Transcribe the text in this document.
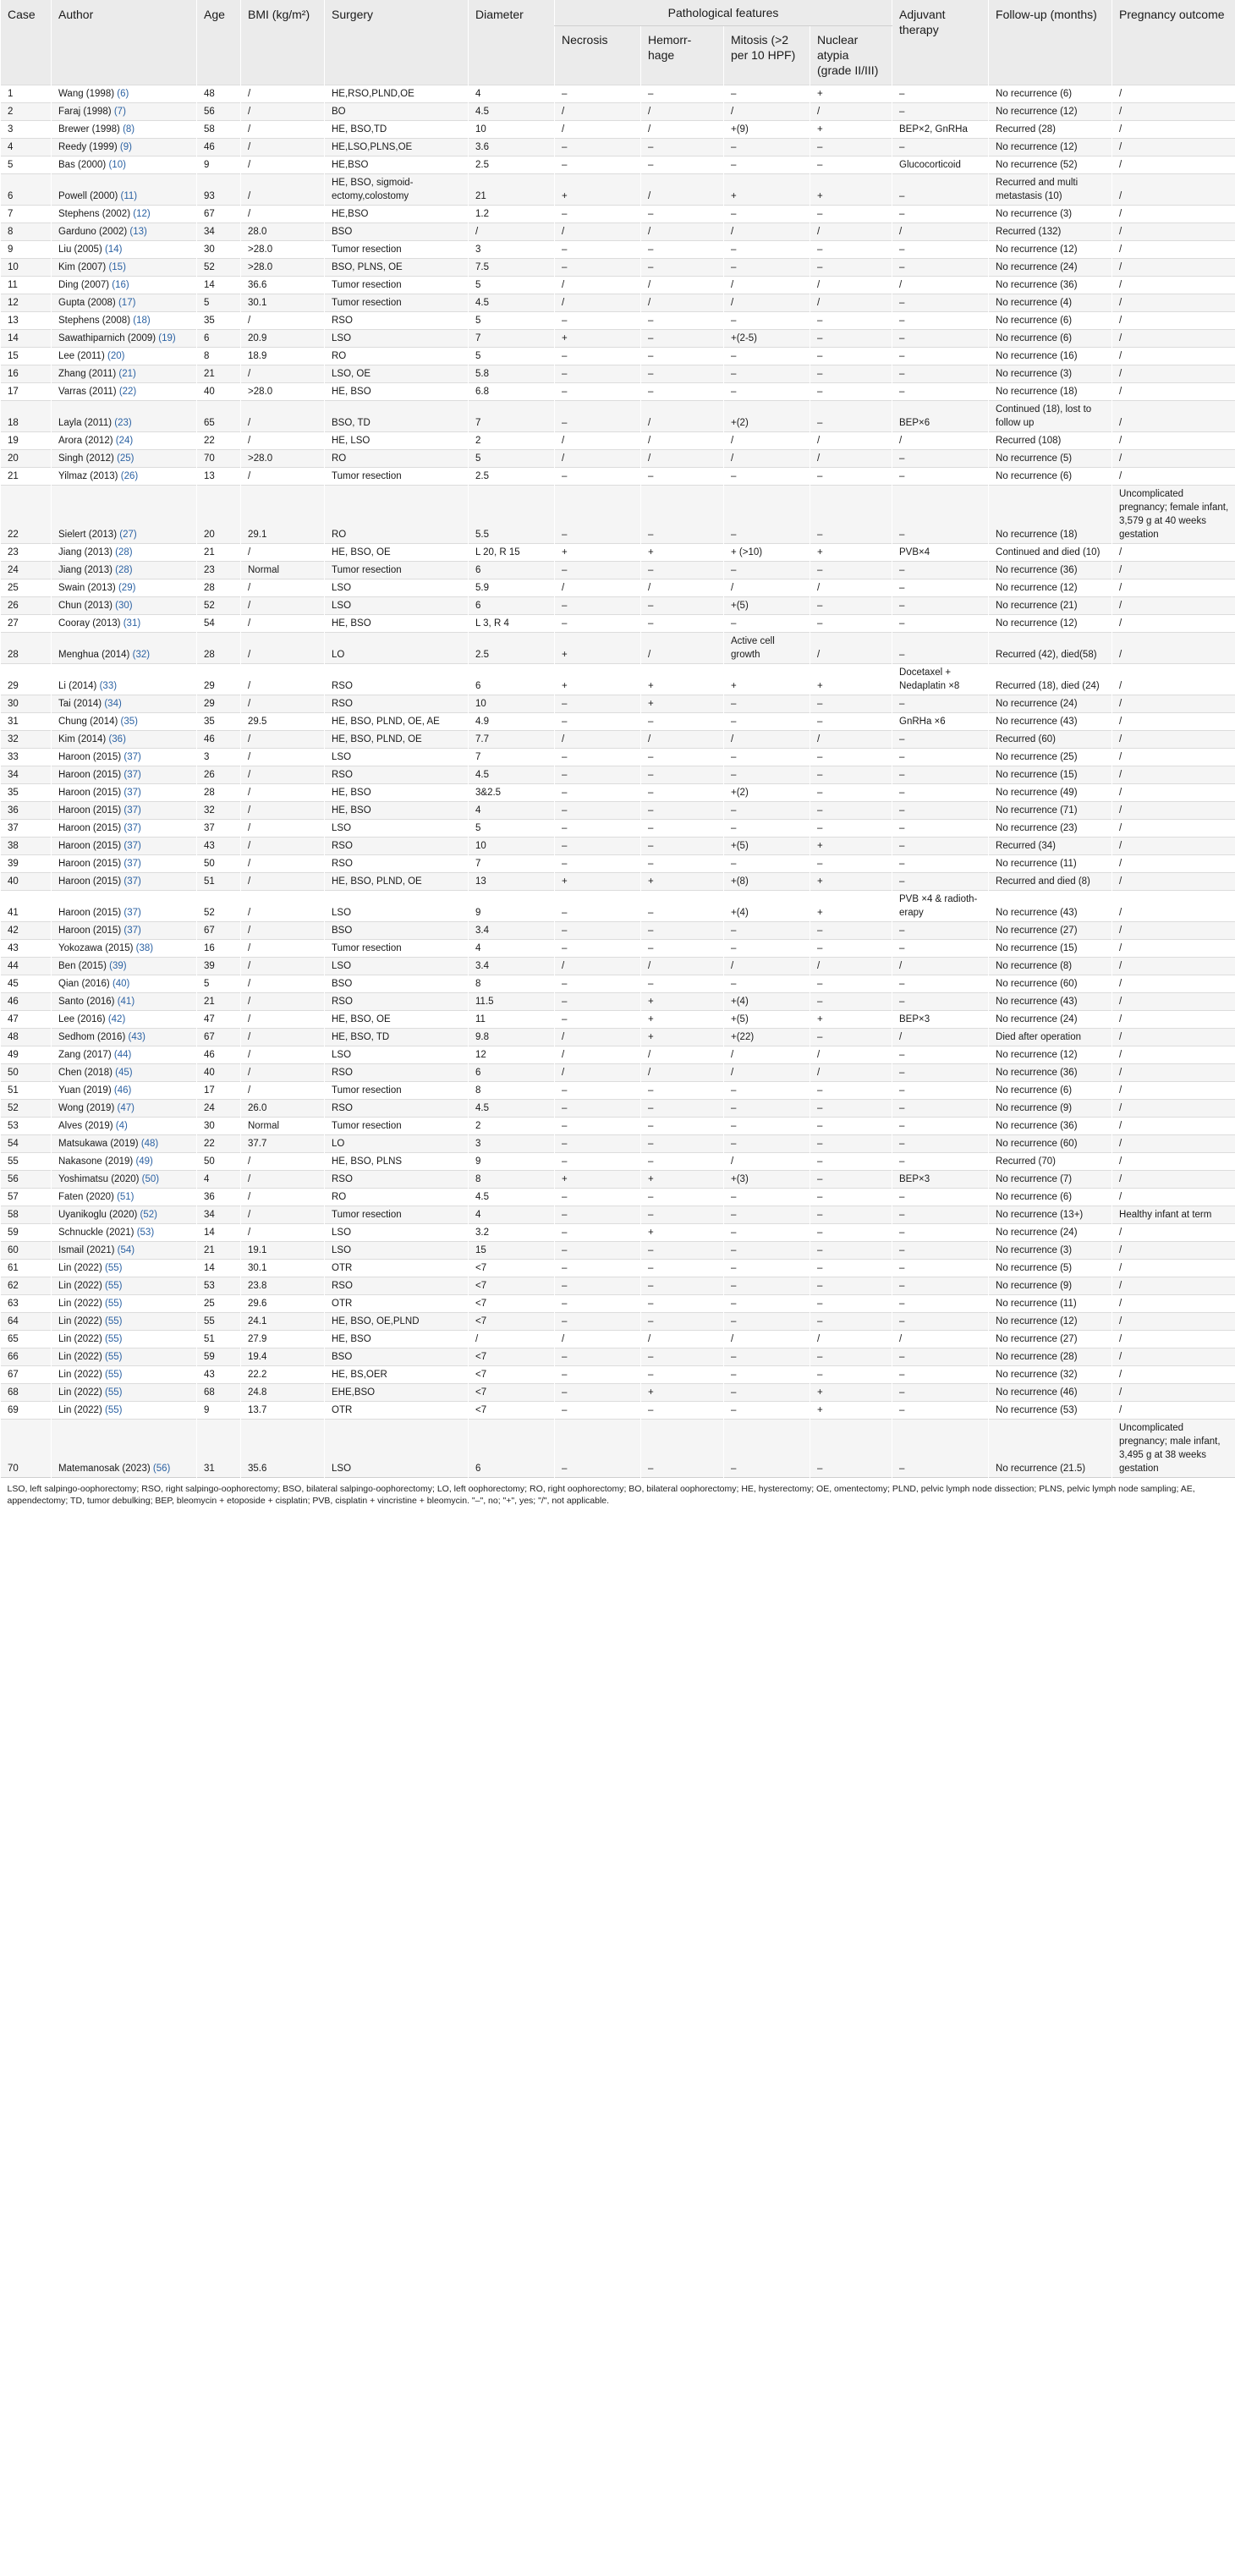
Case	Author	Age	BMI (kg/m²)	Surgery	Diameter	Pathological features				Adjuvant therapy	Follow-up (months)	Pregnancy outcome
						Necrosis	Hemorr-hage	Mitosis (>2 per 10 HPF)	Nuclear atypia (grade II/III)			
1	Wang (1998) (6)	48	/	HE,RSO,PLND,OE	4	–	–	–	+	–	No recurrence (6)	/
2	Faraj (1998) (7)	56	/	BO	4.5	/	/	/	/	–	No recurrence (12)	/
3	Brewer (1998) (8)	58	/	HE, BSO,TD	10	/	/	+(9)	+	BEP×2, GnRHa	Recurred (28)	/
4	Reedy (1999) (9)	46	/	HE,LSO,PLNS,OE	3.6	–	–	–	–	–	No recurrence (12)	/
5	Bas (2000) (10)	9	/	HE,BSO	2.5	–	–	–	–	Glucocorticoid	No recurrence (52)	/
6	Powell (2000) (11)	93	/	HE, BSO, sigmoid-ectomy,colostomy	21	+	/	+	+	–	Recurred and multi metastasis (10)	/
7	Stephens (2002) (12)	67	/	HE,BSO	1.2	–	–	–	–	–	No recurrence (3)	/
8	Garduno (2002) (13)	34	28.0	BSO	/	/	/	/	/	/	Recurred (132)	/
9	Liu (2005) (14)	30	>28.0	Tumor resection	3	–	–	–	–	–	No recurrence (12)	/
10	Kim (2007) (15)	52	>28.0	BSO, PLNS, OE	7.5	–	–	–	–	–	No recurrence (24)	/
11	Ding (2007) (16)	14	36.6	Tumor resection	5	/	/	/	/	/	No recurrence (36)	/
12	Gupta (2008) (17)	5	30.1	Tumor resection	4.5	/	/	/	/	–	No recurrence (4)	/
13	Stephens (2008) (18)	35	/	RSO	5	–	–	–	–	–	No recurrence (6)	/
14	Sawathiparnich (2009) (19)	6	20.9	LSO	7	+	–	+(2-5)	–	–	No recurrence (6)	/
15	Lee (2011) (20)	8	18.9	RO	5	–	–	–	–	–	No recurrence (16)	/
16	Zhang (2011) (21)	21	/	LSO, OE	5.8	–	–	–	–	–	No recurrence (3)	/
17	Varras (2011) (22)	40	>28.0	HE, BSO	6.8	–	–	–	–	–	No recurrence (18)	/
18	Layla (2011) (23)	65	/	BSO, TD	7	–	/	+(2)	–	BEP×6	Continued (18), lost to follow up	/
19	Arora (2012) (24)	22	/	HE, LSO	2	/	/	/	/	/	Recurred (108)	/
20	Singh (2012) (25)	70	>28.0	RO	5	/	/	/	/	–	No recurrence (5)	/
21	Yilmaz (2013) (26)	13	/	Tumor resection	2.5	–	–	–	–	–	No recurrence (6)	/
22	Sielert (2013) (27)	20	29.1	RO	5.5	–	–	–	–	–	No recurrence (18)	Uncomplicated pregnancy; female infant, 3,579 g at 40 weeks gestation
23	Jiang (2013) (28)	21	/	HE, BSO, OE	L 20, R 15	+	+	+ (>10)	+	PVB×4	Continued and died (10)	/
24	Jiang (2013) (28)	23	Normal	Tumor resection	6	–	–	–	–	–	No recurrence (36)	/
25	Swain (2013) (29)	28	/	LSO	5.9	/	/	/	/	–	No recurrence (12)	/
26	Chun (2013) (30)	52	/	LSO	6	–	–	+(5)	–	–	No recurrence (21)	/
27	Cooray (2013) (31)	54	/	HE, BSO	L 3, R 4	–	–	–	–	–	No recurrence (12)	/
28	Menghua (2014) (32)	28	/	LO	2.5	+	/	Active cell growth	/	–	Recurred (42), died(58)	/
29	Li (2014) (33)	29	/	RSO	6	+	+	+	+	Docetaxel + Nedaplatin ×8	Recurred (18), died (24)	/
30	Tai (2014) (34)	29	/	RSO	10	–	+	–	–	–	No recurrence (24)	/
31	Chung (2014) (35)	35	29.5	HE, BSO, PLND, OE, AE	4.9	–	–	–	–	GnRHa ×6	No recurrence (43)	/
32	Kim (2014) (36)	46	/	HE, BSO, PLND, OE	7.7	/	/	/	/	–	Recurred (60)	/
33	Haroon (2015) (37)	3	/	LSO	7	–	–	–	–	–	No recurrence (25)	/
34	Haroon (2015) (37)	26	/	RSO	4.5	–	–	–	–	–	No recurrence (15)	/
35	Haroon (2015) (37)	28	/	HE, BSO	3&2.5	–	–	+(2)	–	–	No recurrence (49)	/
36	Haroon (2015) (37)	32	/	HE, BSO	4	–	–	–	–	–	No recurrence (71)	/
37	Haroon (2015) (37)	37	/	LSO	5	–	–	–	–	–	No recurrence (23)	/
38	Haroon (2015) (37)	43	/	RSO	10	–	–	+(5)	+	–	Recurred (34)	/
39	Haroon (2015) (37)	50	/	RSO	7	–	–	–	–	–	No recurrence (11)	/
40	Haroon (2015) (37)	51	/	HE, BSO, PLND, OE	13	+	+	+(8)	+	–	Recurred and died (8)	/
41	Haroon (2015) (37)	52	/	LSO	9	–	–	+(4)	+	PVB ×4 & radioth-erapy	No recurrence (43)	/
42	Haroon (2015) (37)	67	/	BSO	3.4	–	–	–	–	–	No recurrence (27)	/
43	Yokozawa (2015) (38)	16	/	Tumor resection	4	–	–	–	–	–	No recurrence (15)	/
44	Ben (2015) (39)	39	/	LSO	3.4	/	/	/	/	/	No recurrence (8)	/
45	Qian (2016) (40)	5	/	BSO	8	–	–	–	–	–	No recurrence (60)	/
46	Santo (2016) (41)	21	/	RSO	11.5	–	+	+(4)	–	–	No recurrence (43)	/
47	Lee (2016) (42)	47	/	HE, BSO, OE	11	–	+	+(5)	+	BEP×3	No recurrence (24)	/
48	Sedhom (2016) (43)	67	/	HE, BSO, TD	9.8	/	+	+(22)	–	/	Died after operation	/
49	Zang (2017) (44)	46	/	LSO	12	/	/	/	/	–	No recurrence (12)	/
50	Chen (2018) (45)	40	/	RSO	6	/	/	/	/	–	No recurrence (36)	/
51	Yuan (2019) (46)	17	/	Tumor resection	8	–	–	–	–	–	No recurrence (6)	/
52	Wong (2019) (47)	24	26.0	RSO	4.5	–	–	–	–	–	No recurrence (9)	/
53	Alves (2019) (4)	30	Normal	Tumor resection	2	–	–	–	–	–	No recurrence (36)	/
54	Matsukawa (2019) (48)	22	37.7	LO	3	–	–	–	–	–	No recurrence (60)	/
55	Nakasone (2019) (49)	50	/	HE, BSO, PLNS	9	–	–	/	–	–	Recurred (70)	/
56	Yoshimatsu (2020) (50)	4	/	RSO	8	+	+	+(3)	–	BEP×3	No recurrence (7)	/
57	Faten (2020) (51)	36	/	RO	4.5	–	–	–	–	–	No recurrence (6)	/
58	Uyanikoglu (2020) (52)	34	/	Tumor resection	4	–	–	–	–	–	No recurrence (13+)	Healthy infant at term
59	Schnuckle (2021) (53)	14	/	LSO	3.2	–	+	–	–	–	No recurrence (24)	/
60	Ismail (2021) (54)	21	19.1	LSO	15	–	–	–	–	–	No recurrence (3)	/
61	Lin (2022) (55)	14	30.1	OTR	<7	–	–	–	–	–	No recurrence (5)	/
62	Lin (2022) (55)	53	23.8	RSO	<7	–	–	–	–	–	No recurrence (9)	/
63	Lin (2022) (55)	25	29.6	OTR	<7	–	–	–	–	–	No recurrence (11)	/
64	Lin (2022) (55)	55	24.1	HE, BSO, OE,PLND	<7	–	–	–	–	–	No recurrence (12)	/
65	Lin (2022) (55)	51	27.9	HE, BSO	/	/	/	/	/	/	No recurrence (27)	/
66	Lin (2022) (55)	59	19.4	BSO	<7	–	–	–	–	–	No recurrence (28)	/
67	Lin (2022) (55)	43	22.2	HE, BS,OER	<7	–	–	–	–	–	No recurrence (32)	/
68	Lin (2022) (55)	68	24.8	EHE,BSO	<7	–	+	–	+	–	No recurrence (46)	/
69	Lin (2022) (55)	9	13.7	OTR	<7	–	–	–	+	–	No recurrence (53)	/
70	Matemanosak (2023) (56)	31	35.6	LSO	6	–	–	–	–	–	No recurrence (21.5)	Uncomplicated pregnancy; male infant, 3,495 g at 38 weeks gestation
LSO, left salpingo-oophorectomy; RSO, right salpingo-oophorectomy; BSO, bilateral salpingo-oophorectomy; LO, left oophorectomy; RO, right oophorectomy; BO, bilateral oophorectomy; HE, hysterectomy; OE, omentectomy; PLND, pelvic lymph node dissection; PLNS, pelvic lymph node sampling; AE, appendectomy; TD, tumor debulking; BEP, bleomycin + etoposide + cisplatin; PVB, cisplatin + vincristine + bleomycin. "–", no; "+", yes; "/", not applicable.												
